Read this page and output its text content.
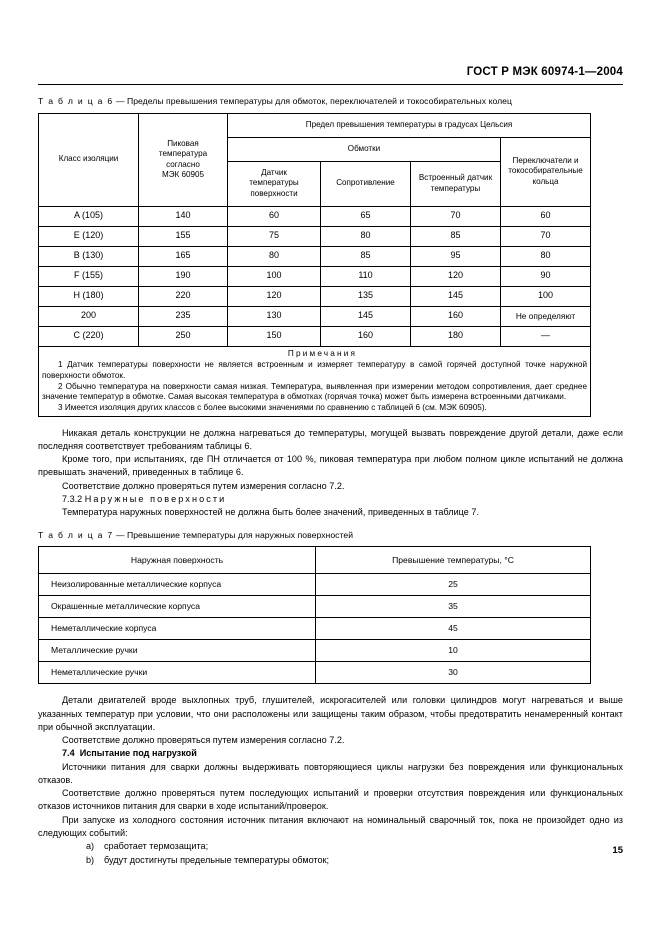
ГОСТ Р МЭК 60974-1—2004

Т а б л и ц а 6 — Пределы превышения температуры для обмоток, переключателей и токособирательных колец

Класс изоляции	Пиковая
температура
согласно
МЭК 60905	Предел превышения температуры в градусах Цельсия			
		Обмотки			Переключатели и
токособирательные
кольца
		Датчик
температуры
поверхности	Сопротивление	Встроенный датчик
температуры	
A (105)	140	60	65	70	60
E (120)	155	75	80	85	70
B (130)	165	80	85	95	80
F (155)	190	100	110	120	90
H (180)	220	120	135	145	100
200	235	130	145	160	Не определяют
C (220)	250	150	160	180	—

Примечания

1 Датчик температуры поверхности не является встроенным и измеряет температуру в самой горячей доступной точке наружной поверхности обмоток.

2 Обычно температура на поверхности самая низкая. Температура, выявленная при измерении методом сопротивления, дает среднее значение температур в обмотке. Самая высокая температура в обмотках (горячая точка) может быть измерена встроенными датчиками.

3 Имеется изоляция других классов с более высокими значениями по сравнению с таблицей 6 (см. МЭК 60905).					

Никакая деталь конструкции не должна нагреваться до температуры, могущей вызвать повреждение другой детали, даже если последняя соответствует требованиям таблицы 6.

Кроме того, при испытаниях, где ПН отличается от 100 %, пиковая температура при любом полном цикле испытаний не должна превышать значений, приведенных в таблице 6.

Соответствие должно проверяться путем измерения согласно 7.2.

7.3.2 Наружные поверхности

Температура наружных поверхностей не должна быть более значений, приведенных в таблице 7.

Т а б л и ц а 7 — Превышение температуры для наружных поверхностей

Наружная поверхность	Превышение температуры, °С
Неизолированные металлические корпуса	25
Окрашенные металлические корпуса	35
Неметаллические корпуса	45
Металлические ручки	10
Неметаллические ручки	30

Детали двигателей вроде выхлопных труб, глушителей, искрогасителей или головки цилиндров могут нагреваться и выше указанных температур при условии, что они расположены или защищены таким образом, чтобы предотвратить ненамеренный контакт при обычной эксплуатации.

Соответствие должно проверяться путем измерения согласно 7.2.

7.4 Испытание под нагрузкой

Источники питания для сварки должны выдерживать повторяющиеся циклы нагрузки без повреждения или функциональных отказов.

Соответствие должно проверяться путем последующих испытаний и проверки отсутствия повреждения или функциональных отказов источников питания для сварки в ходе испытаний/проверок.

При запуске из холодного состояния источник питания включают на номинальный сварочный ток, пока не произойдет одно из следующих событий:

a) сработает термозащита;

b) будут достигнуты предельные температуры обмоток;

15
